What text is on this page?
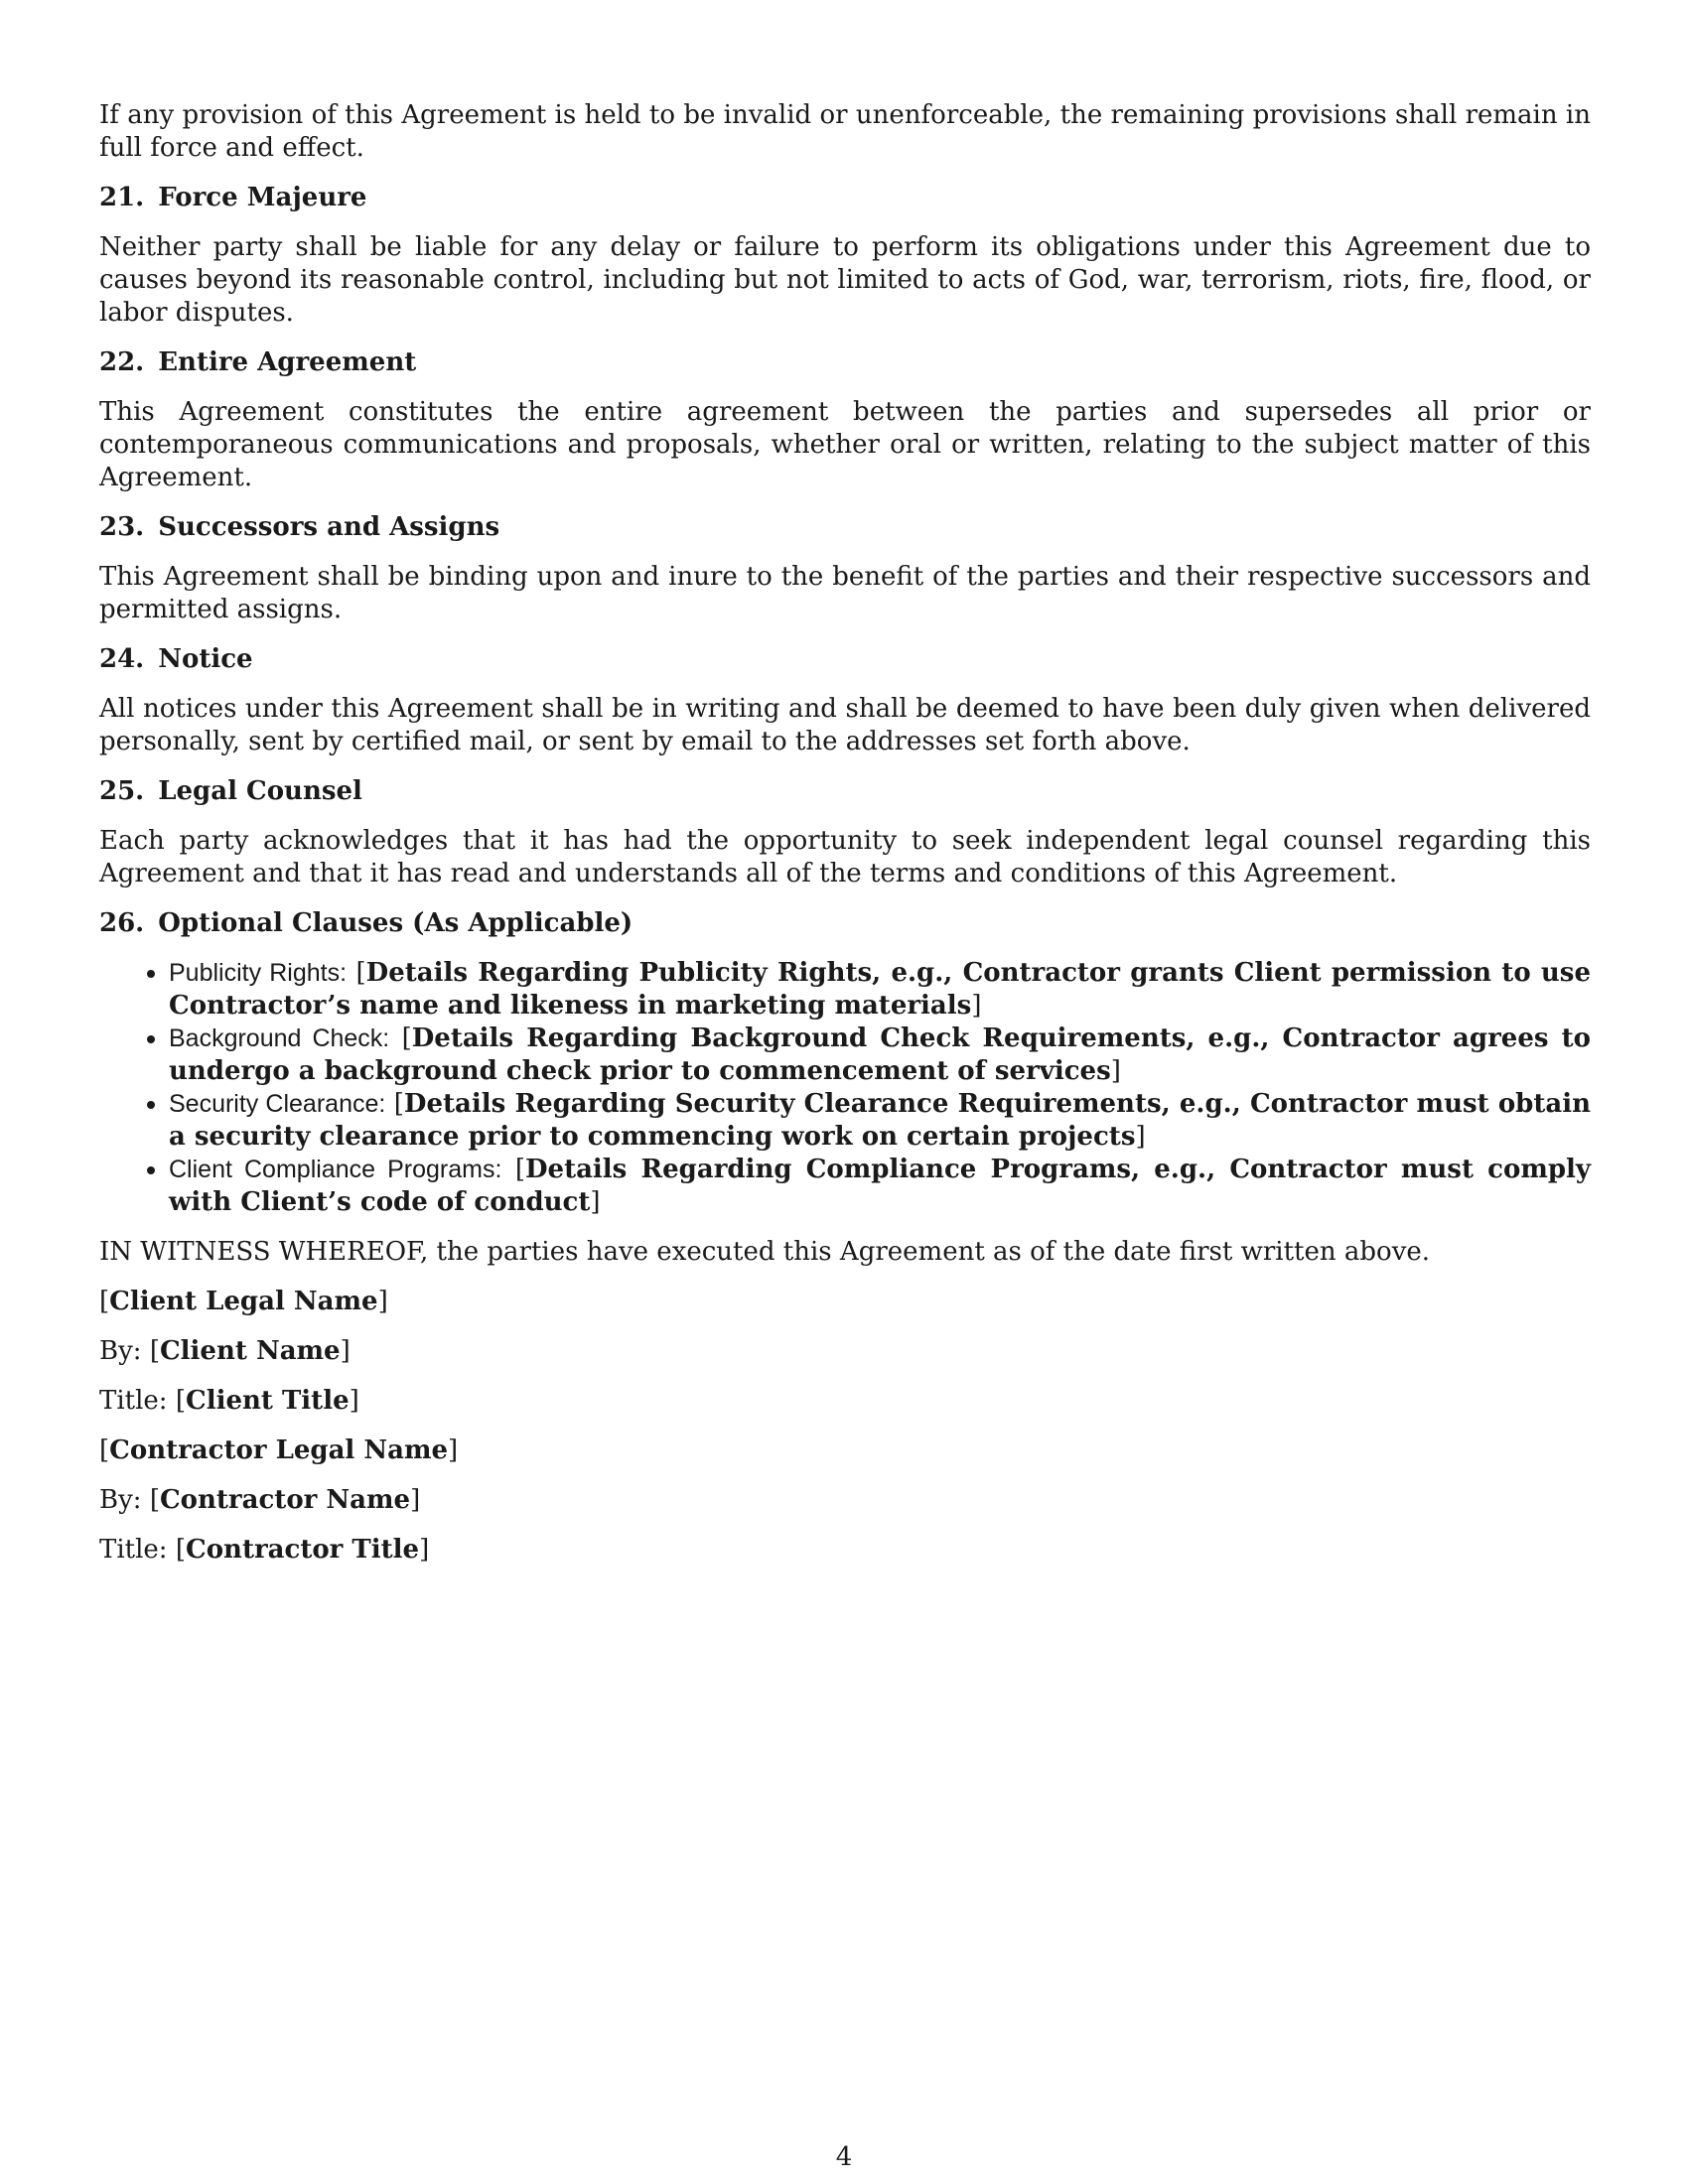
If any provision of this Agreement is held to be invalid or unenforceable, the remaining provisions shall remain in full force and effect.

21. Force Majeure

Neither party shall be liable for any delay or failure to perform its obligations under this Agreement due to causes beyond its reasonable control, including but not limited to acts of God, war, terrorism, riots, fire, flood, or labor disputes.

22. Entire Agreement

This Agreement constitutes the entire agreement between the parties and supersedes all prior or contemporaneous communications and proposals, whether oral or written, relating to the subject matter of this Agreement.

23. Successors and Assigns

This Agreement shall be binding upon and inure to the benefit of the parties and their respective successors and permitted assigns.

24. Notice

All notices under this Agreement shall be in writing and shall be deemed to have been duly given when delivered personally, sent by certified mail, or sent by email to the addresses set forth above.

25. Legal Counsel

Each party acknowledges that it has had the opportunity to seek independent legal counsel regarding this Agreement and that it has read and understands all of the terms and conditions of this Agreement.

26. Optional Clauses (As Applicable)
• Publicity Rights: [Details Regarding Publicity Rights, e.g., Contractor grants Client permission to use Contractor’s name and likeness in marketing materials]
• Background Check: [Details Regarding Background Check Requirements, e.g., Contractor agrees to undergo a background check prior to commencement of services]
• Security Clearance: [Details Regarding Security Clearance Requirements, e.g., Contractor must obtain a security clearance prior to commencing work on certain projects]
• Client Compliance Programs: [Details Regarding Compliance Programs, e.g., Contractor must comply with Client’s code of conduct]

IN WITNESS WHEREOF, the parties have executed this Agreement as of the date first written above.

[Client Legal Name]

By: [Client Name]

Title: [Client Title]

[Contractor Legal Name]

By: [Contractor Name]

Title: [Contractor Title]

4
